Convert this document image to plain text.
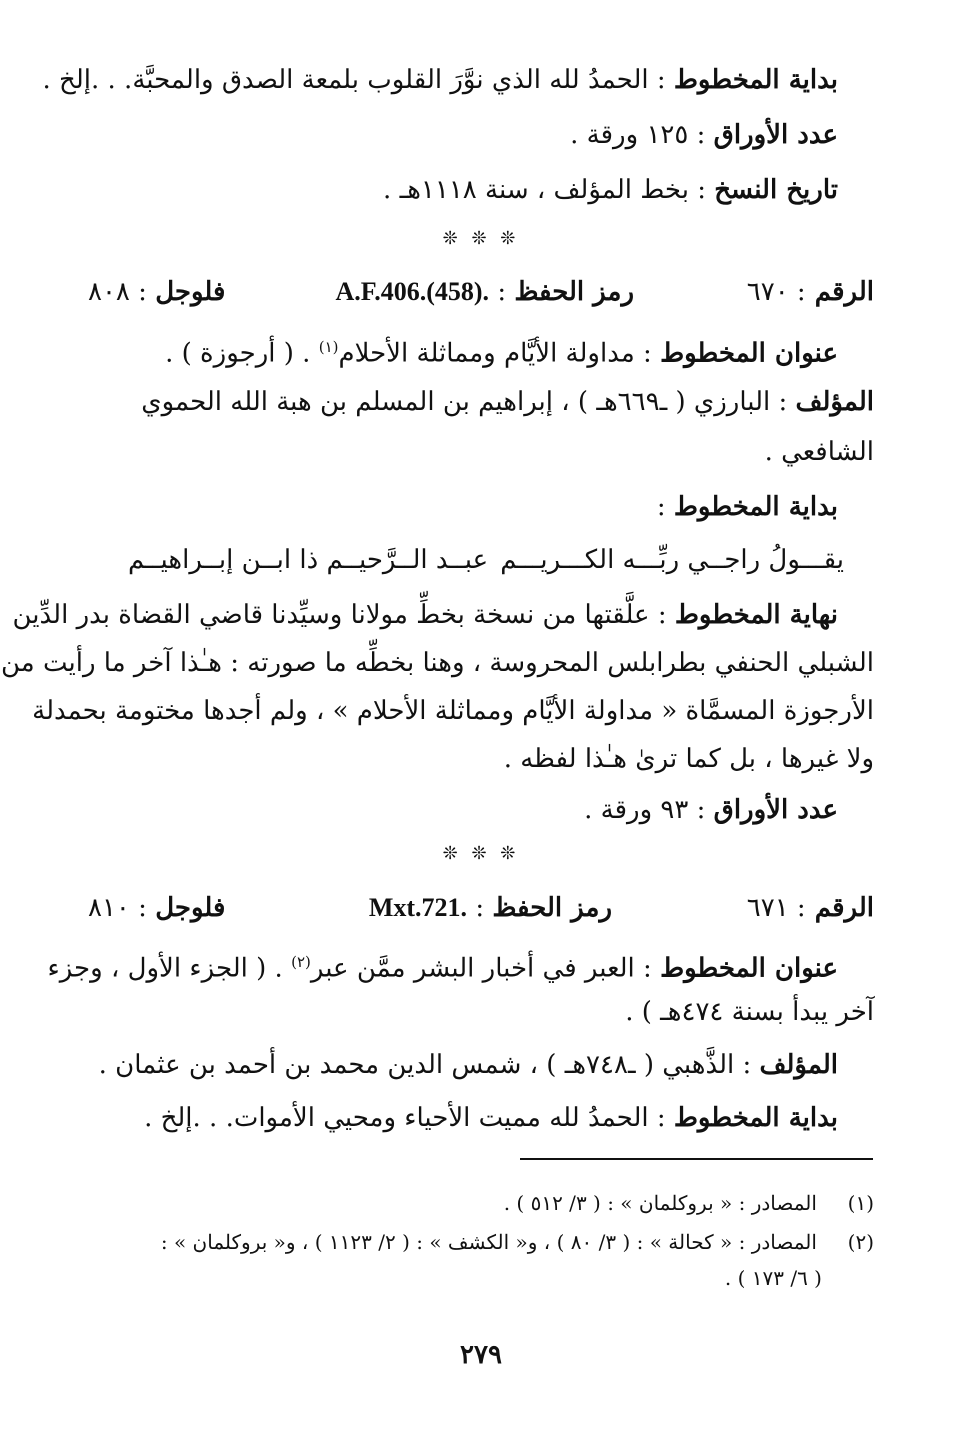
بداية المخطوط : الحمدُ لله الذي نوَّرَ القلوب بلمعة الصدق والمحبَّة. . .إلخ .
عدد الأوراق : ١٢٥ ورقة .
تاريخ النسخ : بخط المؤلف ، سنة ١١١٨هـ .
❊ ❊ ❊
الرقم : ٦٧٠
رمز الحفظ : A.F.406.(458).
فلوجل : ٨٠٨
عنوان المخطوط : مداولة الأيَّام ومماثلة الأحلام$^{(١)}$ . ( أرجوزة ) .
المؤلف : البارزي ( ـ٦٦٩هـ ) ، إبراهيم بن المسلم بن هبة الله الحموي
الشافعي .
بداية المخطوط :
يقـــولُ راجــي ربِّـــه الكـــريـــم
عبــد الــرَّحيــم ذا ابــن إبــراهيــم
نهاية المخطوط : علَّقتها من نسخة بخطِّ مولانا وسيِّدنا قاضي القضاة بدر الدِّين
الشبلي الحنفي بطرابلس المحروسة ، وهنا بخطِّه ما صورته : هـٰذا آخر ما رأيت من
الأرجوزة المسمَّاة « مداولة الأيَّام ومماثلة الأحلام » ، ولم أجدها مختومة بحمدلة
ولا غيرها ، بل كما ترىٰ هـٰذا لفظه .
عدد الأوراق : ٩٣ ورقة .
❊ ❊ ❊
الرقم : ٦٧١
رمز الحفظ : Mxt.721.
فلوجل : ٨١٠
عنوان المخطوط : العبر في أخبار البشر ممَّن عبر$^{(٢)}$ . ( الجزء الأول ، وجزء
آخر يبدأ بسنة ٤٧٤هـ ) .
المؤلف : الذَّهبي ( ـ٧٤٨هـ ) ، شمس الدين محمد بن أحمد بن عثمان .
بداية المخطوط : الحمدُ لله مميت الأحياء ومحيي الأموات. . .إلخ .
(١)  المصادر : « بروكلمان » : ( ٣/ ٥١٢ ) .
(٢)  المصادر : « كحالة » : ( ٣/ ٨٠ ) ، و« الكشف » : ( ٢/ ١١٢٣ ) ، و« بروكلمان » :
( ٦/ ١٧٣ ) .
٢٧٩
